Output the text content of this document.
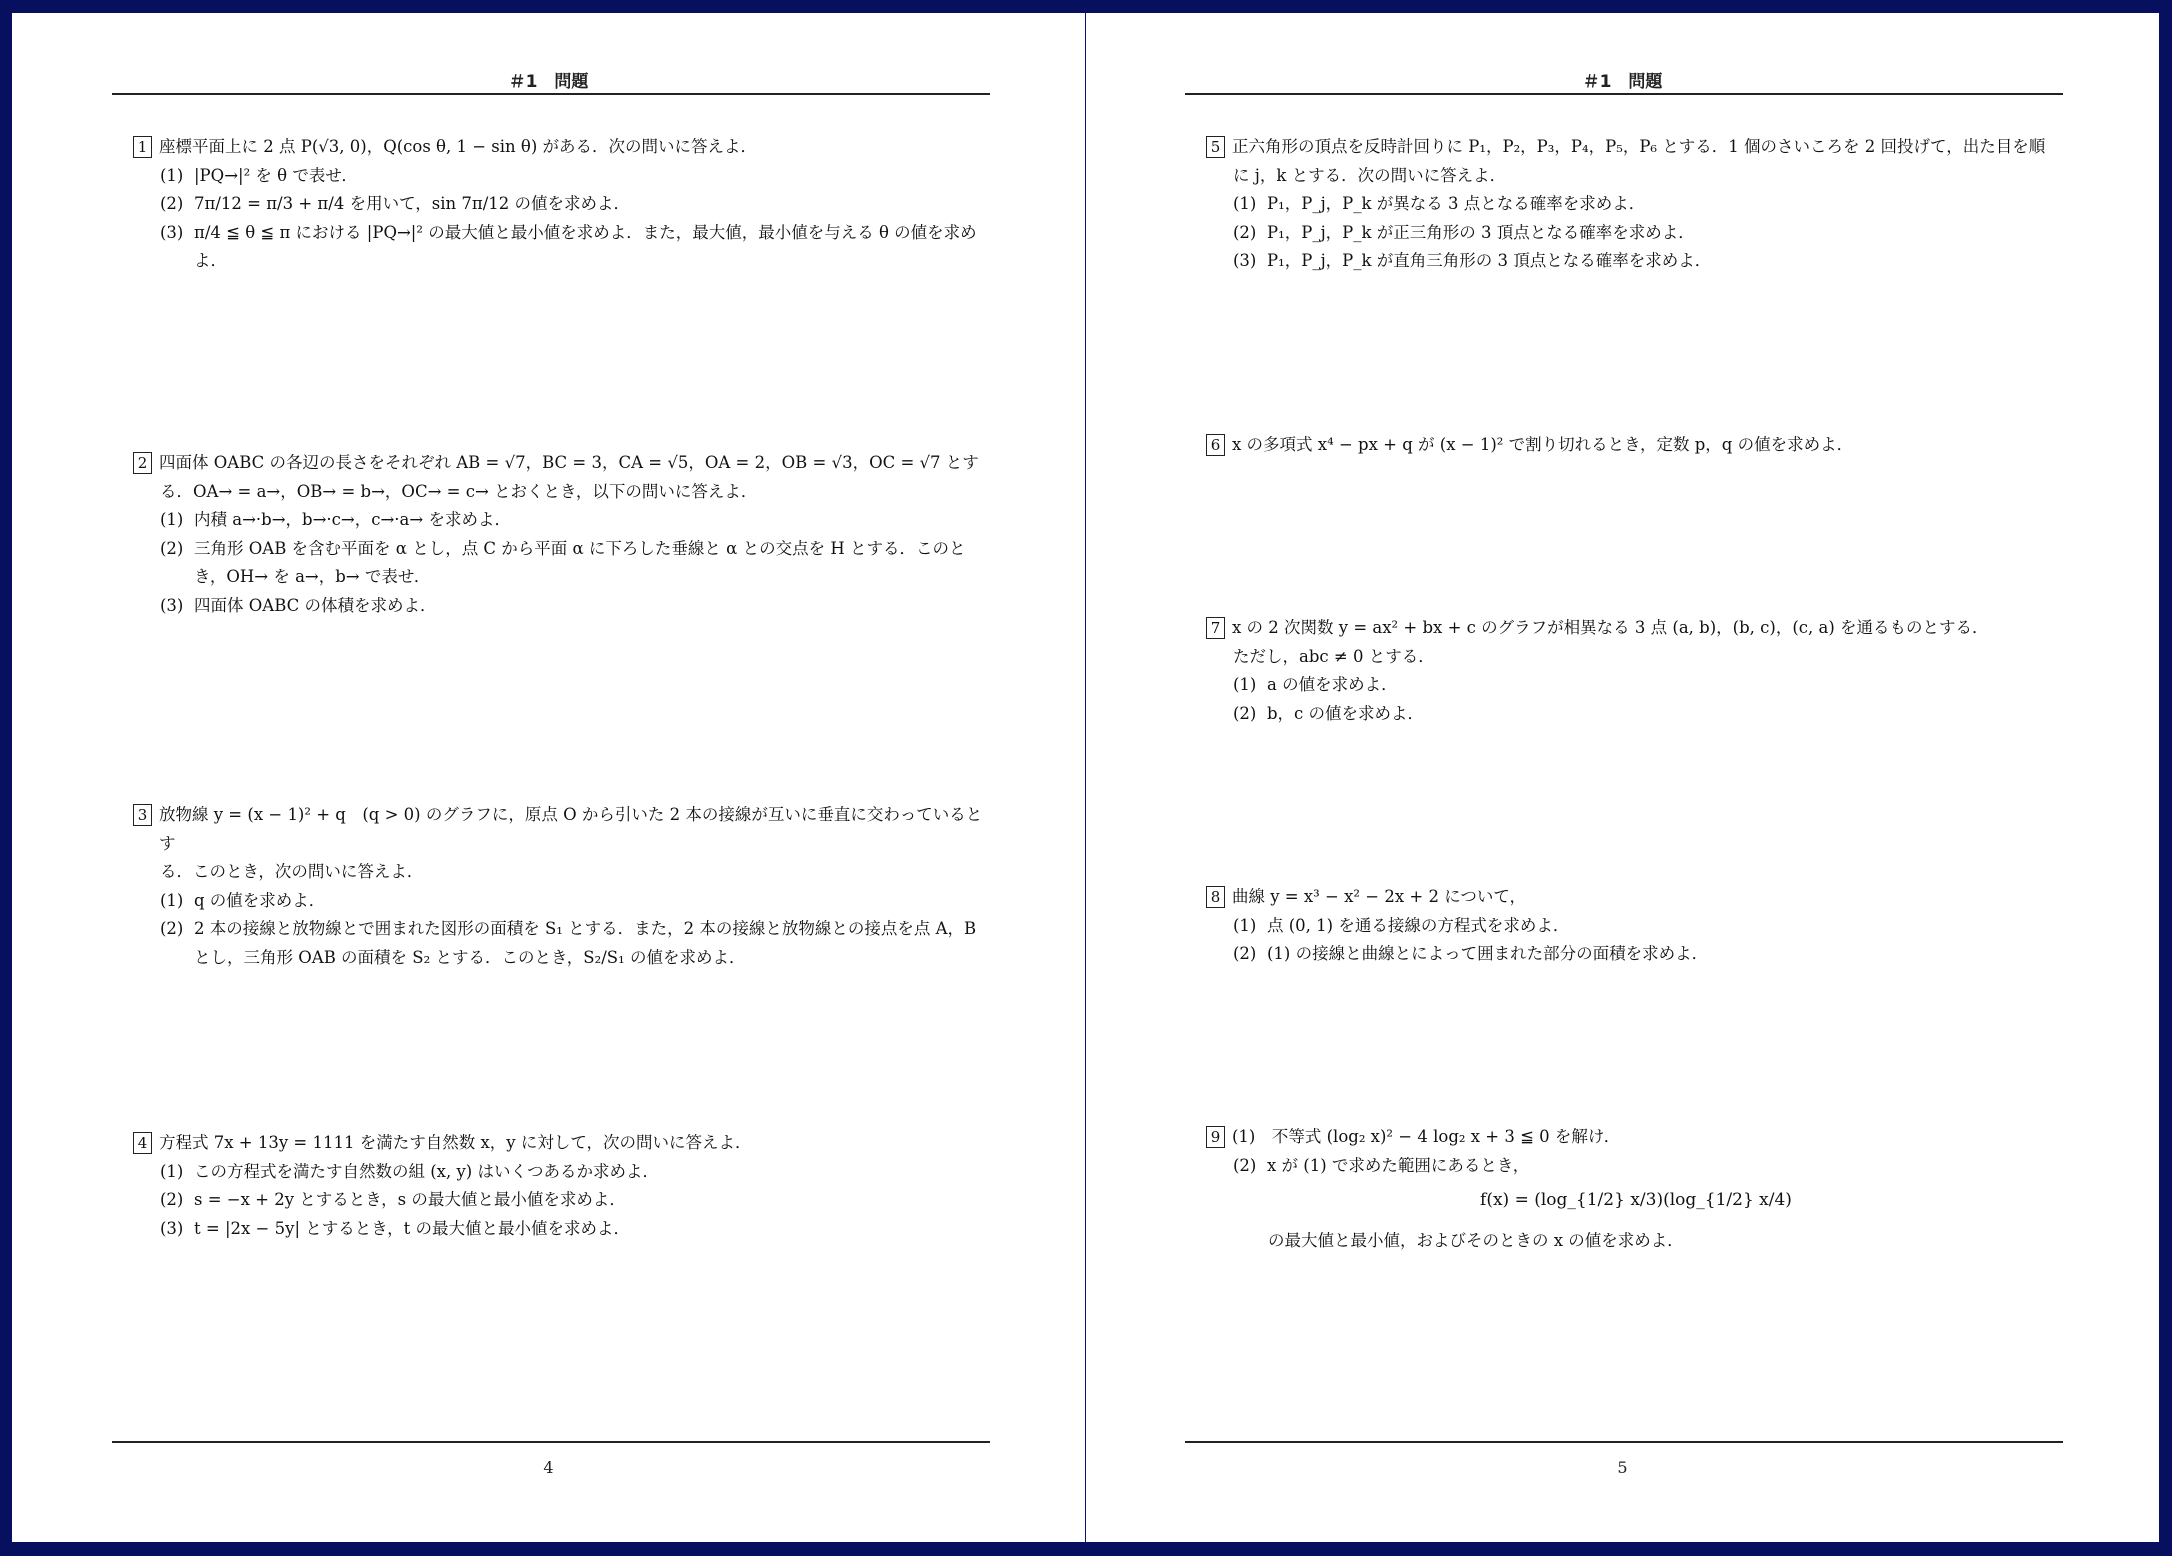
＃1　問題
1 座標平面上に 2 点 P(√3, 0)，Q(cos θ, 1 − sin θ) がある．次の問いに答えよ．
(1) |PQ→|² を θ で表せ．
(2) 7π/12 = π/3 + π/4 を用いて，sin 7π/12 の値を求めよ．
(3) π/4 ≦ θ ≦ π における |PQ→|² の最大値と最小値を求めよ．また，最大値，最小値を与える θ の値を求めよ．
2 四面体 OABC の各辺の長さをそれぞれ AB = √7，BC = 3，CA = √5，OA = 2，OB = √3，OC = √7 とす
る．OA→ = a→，OB→ = b→，OC→ = c→ とおくとき，以下の問いに答えよ．
(1) 内積 a→·b→，b→·c→，c→·a→ を求めよ．
(2) 三角形 OAB を含む平面を α とし，点 C から平面 α に下ろした垂線と α との交点を H とする．このとき，OH→ を a→，b→ で表せ．
(3) 四面体 OABC の体積を求めよ．
3 放物線 y = (x − 1)² + q　(q > 0) のグラフに，原点 O から引いた 2 本の接線が互いに垂直に交わっているとす
る．このとき，次の問いに答えよ．
(1) q の値を求めよ．
(2) 2 本の接線と放物線とで囲まれた図形の面積を S₁ とする．また，2 本の接線と放物線との接点を点 A，B とし，三角形 OAB の面積を S₂ とする．このとき，S₂/S₁ の値を求めよ．
4 方程式 7x + 13y = 1111 を満たす自然数 x，y に対して，次の問いに答えよ．
(1) この方程式を満たす自然数の組 (x, y) はいくつあるか求めよ．
(2) s = −x + 2y とするとき，s の最大値と最小値を求めよ．
(3) t = |2x − 5y| とするとき，t の最大値と最小値を求めよ．
4
＃1　問題
5 正六角形の頂点を反時計回りに P₁，P₂，P₃，P₄，P₅，P₆ とする．1 個のさいころを 2 回投げて，出た目を順
に j，k とする．次の問いに答えよ．
(1) P₁，P_j，P_k が異なる 3 点となる確率を求めよ．
(2) P₁，P_j，P_k が正三角形の 3 頂点となる確率を求めよ．
(3) P₁，P_j，P_k が直角三角形の 3 頂点となる確率を求めよ．
6 x の多項式 x⁴ − px + q が (x − 1)² で割り切れるとき，定数 p，q の値を求めよ．
7 x の 2 次関数 y = ax² + bx + c のグラフが相異なる 3 点 (a, b)，(b, c)，(c, a) を通るものとする．
ただし，abc ≠ 0 とする．
(1) a の値を求めよ．
(2) b，c の値を求めよ．
8 曲線 y = x³ − x² − 2x + 2 について，
(1) 点 (0, 1) を通る接線の方程式を求めよ．
(2) (1) の接線と曲線とによって囲まれた部分の面積を求めよ．
9 (1)　不等式 (log₂ x)² − 4 log₂ x + 3 ≦ 0 を解け．
(2) x が (1) で求めた範囲にあるとき，
f(x) = (log_{1/2} x/3)(log_{1/2} x/4)
の最大値と最小値，およびそのときの x の値を求めよ．
5
